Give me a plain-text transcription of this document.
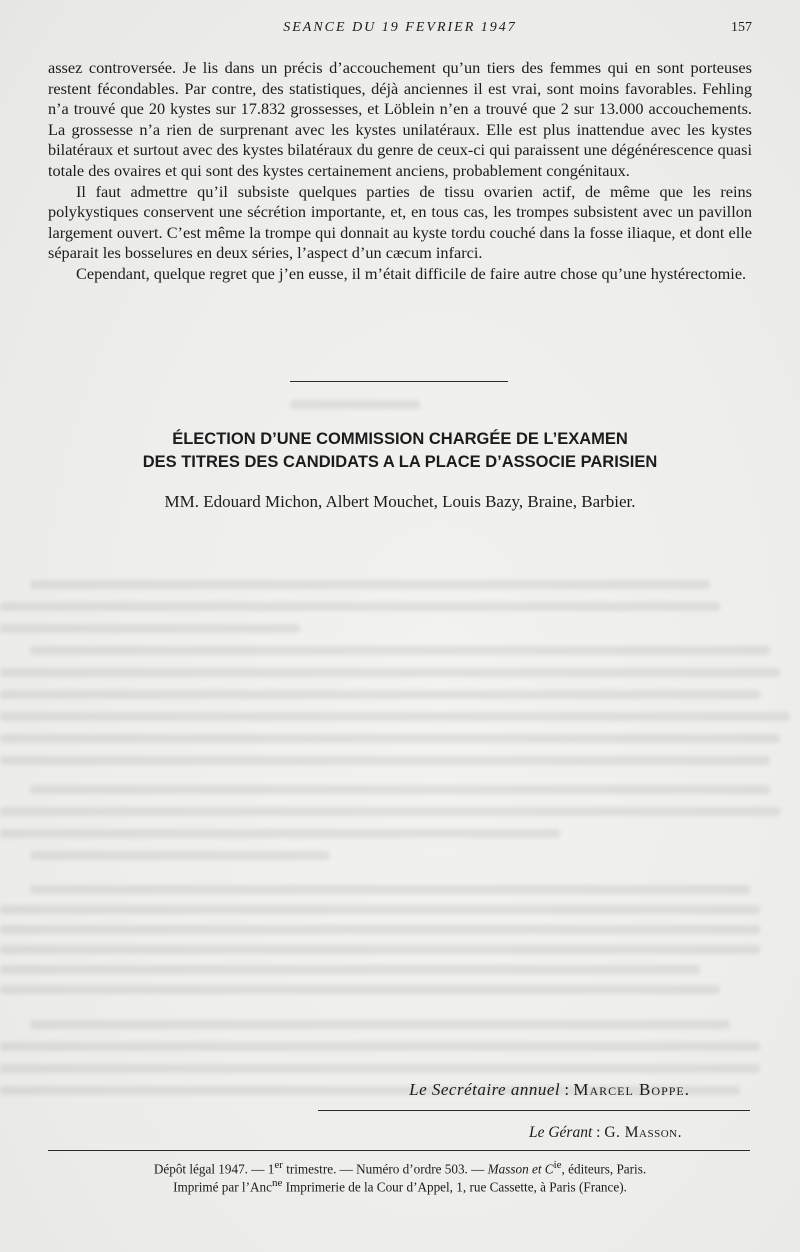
SEANCE DU 19 FEVRIER 1947	157

assez controversée. Je lis dans un précis d’accouchement qu’un tiers des femmes qui en sont porteuses restent fécondables. Par contre, des statistiques, déjà anciennes il est vrai, sont moins favorables. Fehling n’a trouvé que 20 kystes sur 17.832 grossesses, et Löblein n’en a trouvé que 2 sur 13.000 accouchements. La grossesse n’a rien de surprenant avec les kystes unilatéraux. Elle est plus inattendue avec les kystes bilatéraux et surtout avec des kystes bilatéraux du genre de ceux-ci qui paraissent une dégénérescence quasi totale des ovaires et qui sont des kystes certainement anciens, probablement congénitaux.

Il faut admettre qu’il subsiste quelques parties de tissu ovarien actif, de même que les reins polykystiques conservent une sécrétion importante, et, en tous cas, les trompes subsistent avec un pavillon largement ouvert. C’est même la trompe qui donnait au kyste tordu couché dans la fosse iliaque, et dont elle séparait les bosselures en deux séries, l’aspect d’un cæcum infarci.

Cependant, quelque regret que j’en eusse, il m’était difficile de faire autre chose qu’une hystérectomie.

ÉLECTION D’UNE COMMISSION CHARGÉE DE L’EXAMEN
DES TITRES DES CANDIDATS A LA PLACE D’ASSOCIE PARISIEN
MM. Edouard Michon, Albert Mouchet, Louis Bazy, Braine, Barbier.
Le Secrétaire annuel : Marcel Boppe.
Le Gérant : G. Masson.
Dépôt légal 1947. — 1er trimestre. — Numéro d’ordre 503. — Masson et $C^{ie}$, éditeurs, Paris.
Imprimé par l’Anc$^{ne}$ Imprimerie de la Cour d’Appel, 1, rue Cassette, à Paris (France).
